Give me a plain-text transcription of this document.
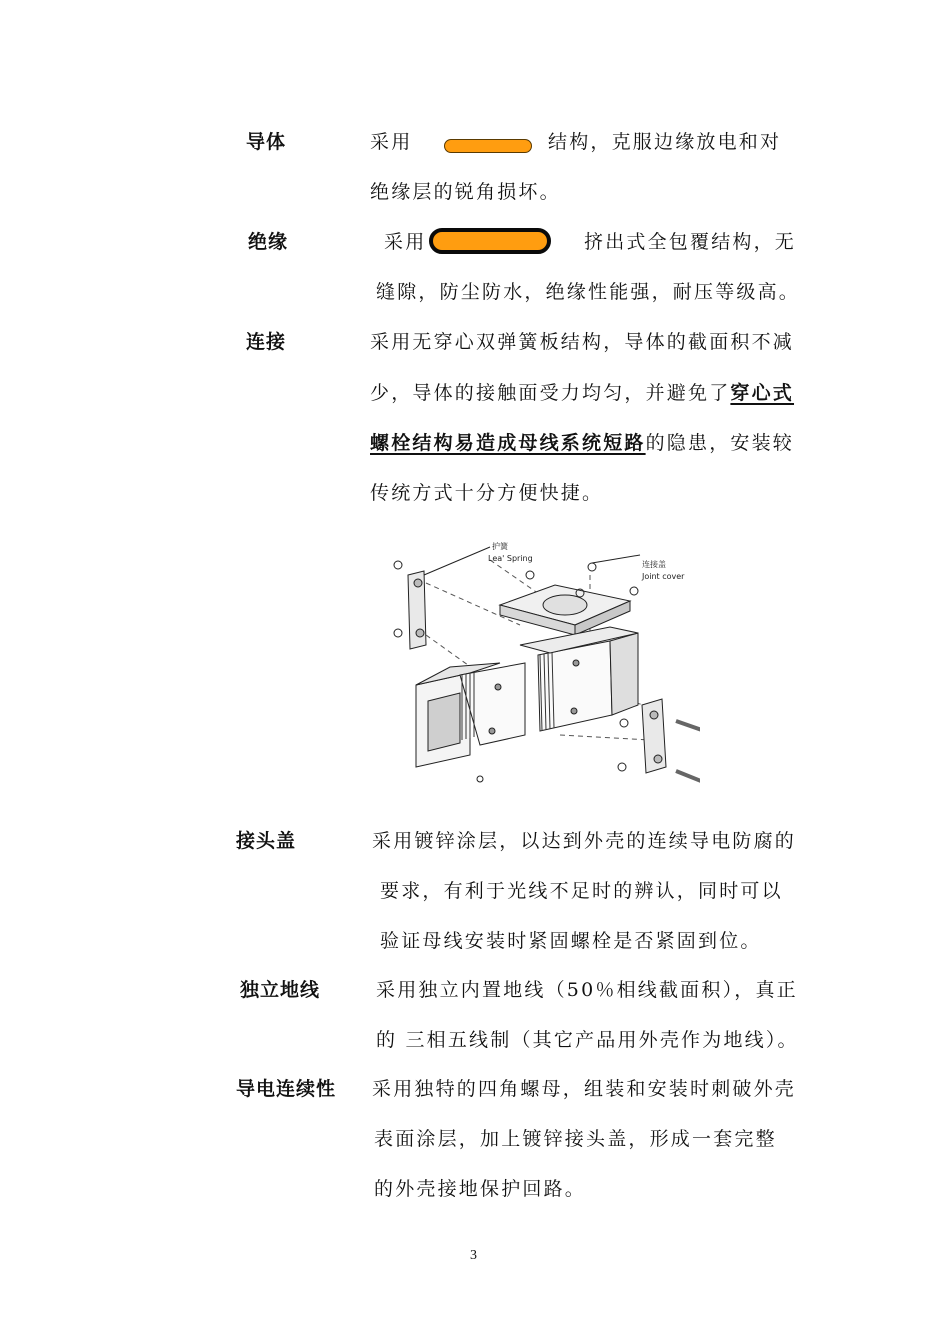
导体	采用	结构，克服边缘放电和对
绝缘层的锐角损坏。
绝缘	采用	挤出式全包覆结构，无
缝隙，防尘防水，绝缘性能强，耐压等级高。
连接	采用无穿心双弹簧板结构，导体的截面积不减
少，导体的接触面受力均匀，并避免了穿心式
螺栓结构易造成母线系统短路的隐患，安装较
传统方式十分方便快捷。
护簧
Lea' Spring
连接盖
Joint cover
接头盖	采用镀锌涂层，以达到外壳的连续导电防腐的
要求，有利于光线不足时的辨认，同时可以
验证母线安装时紧固螺栓是否紧固到位。
独立地线	采用独立内置地线（50％相线截面积），真正
的 三相五线制（其它产品用外壳作为地线）。
导电连续性 采用独特的四角螺母，组装和安装时刺破外壳
表面涂层，加上镀锌接头盖，形成一套完整
的外壳接地保护回路。
3
